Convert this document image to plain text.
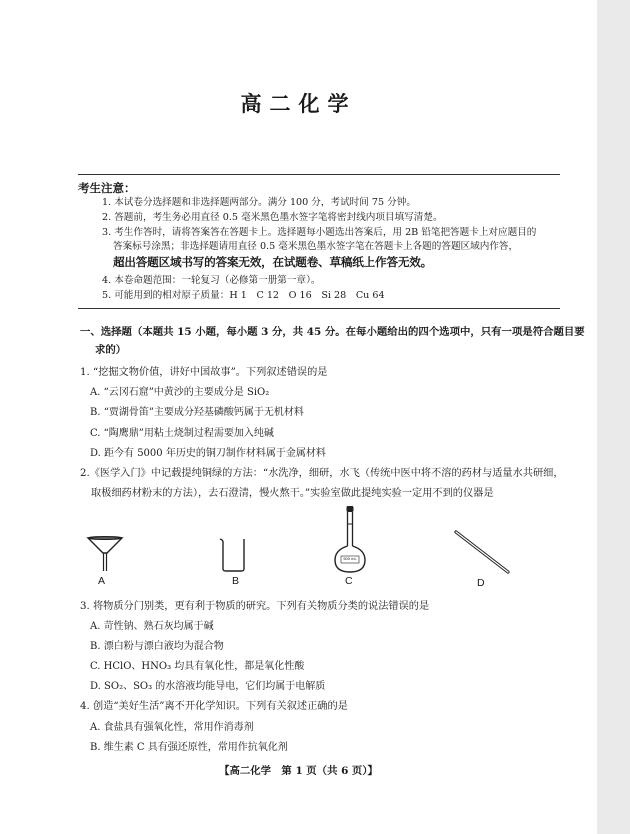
高二化学
考生注意：
1. 本试卷分选择题和非选择题两部分。满分 100 分，考试时间 75 分钟。
2. 答题前，考生务必用直径 0.5 毫米黑色墨水签字笔将密封线内项目填写清楚。
3. 考生作答时，请将答案答在答题卡上。选择题每小题选出答案后，用 2B 铅笔把答题卡上对应题目的
答案标号涂黑；非选择题请用直径 0.5 毫米黑色墨水签字笔在答题卡上各题的答题区域内作答，
超出答题区域书写的答案无效，在试题卷、草稿纸上作答无效。
4. 本卷命题范围：一轮复习（必修第一册第一章）。
5. 可能用到的相对原子质量：H 1　C 12　O 16　Si 28　Cu 64
一、选择题（本题共 15 小题，每小题 3 分，共 45 分。在每小题给出的四个选项中，只有一项是符合题目要
求的）
1. “挖掘文物价值，讲好中国故事”。下列叙述错误的是
A. “云冈石窟”中黄沙的主要成分是 SiO₂
B. “贾湖骨笛”主要成分羟基磷酸钙属于无机材料
C. “陶鹰鼎”用粘土烧制过程需要加入纯碱
D. 距今有 5000 年历史的铜刀制作材料属于金属材料
2.《医学入门》中记载提纯铜绿的方法：“水洗净，细研，水飞（传统中医中将不溶的药材与适量水共研细，
取极细药材粉末的方法），去石澄清，慢火熬干。”实验室做此提纯实验一定用不到的仪器是
A	B
500 mL
C	D
3. 将物质分门别类，更有利于物质的研究。下列有关物质分类的说法错误的是
A. 苛性钠、熟石灰均属于碱
B. 漂白粉与漂白液均为混合物
C. HClO、HNO₃ 均具有氧化性，都是氧化性酸
D. SO₂、SO₃ 的水溶液均能导电，它们均属于电解质
4. 创造“美好生活”离不开化学知识。下列有关叙述正确的是
A. 食盐具有强氧化性，常用作消毒剂
B. 维生素 C 具有强还原性，常用作抗氧化剂
【高二化学　第 1 页（共 6 页）】
